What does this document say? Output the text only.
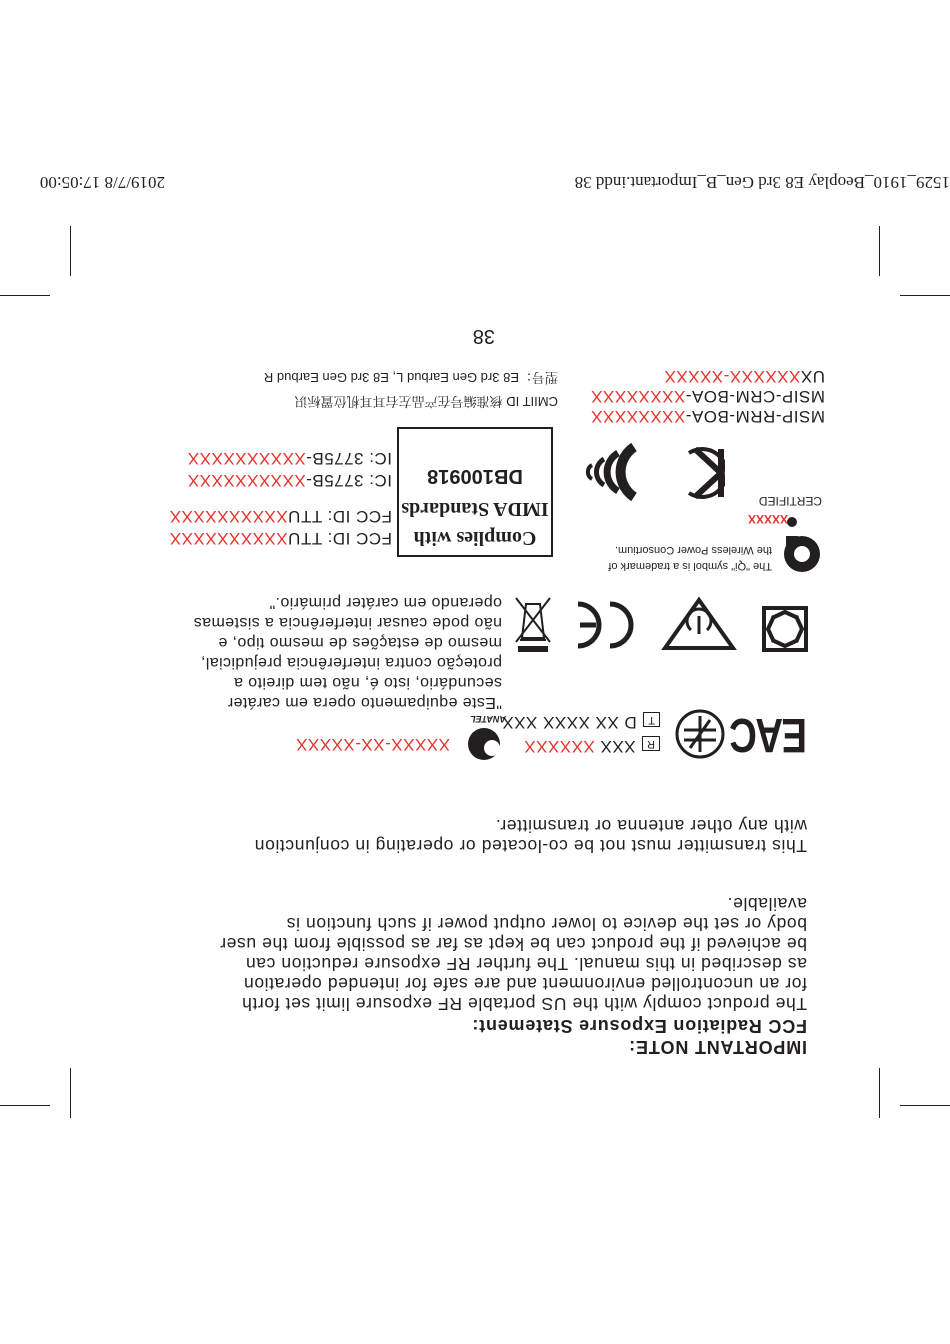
1529_1910_Beoplay E8 3rd Gen_B_Important.indd 38
2019/7/8 17:05:00
38
MSIP-RRM-BOA-XXXXXXXX
MSIP-CRM-BOA-XXXXXXXX
UXXXXXXX-XXXXX
CMIIT ID 核准编号在产品左右耳耳机位置标识
型号：E8 3rd Gen Earbud L, E8 3rd Gen Earbud R
Complies with
IMDA Standards
DB100918
IC: 3775B-XXXXXXXXXX
IC: 3775B-XXXXXXXXXX
FCC ID: TTUXXXXXXXXXX
FCC ID: TTUXXXXXXXXXX
CERTIFIED
XXXXX
The "Qi" symbol is a trademark of
the Wireless Power Consortium.
"Este equipamento opera em caráter
secundário, isto é, não tem direito a
proteção contra interferência prejudicial,
mesmo de estações de mesmo tipo, e
não pode causar interferência a sistemas
operando em caráter primário."
EAC
RXXX XXXXXX
TD XX XXXX XXX
ANATEL
XXXXX-XX-XXXXX
This transmitter must not be co-located or operating in conjunction
with any other antenna or transmitter.
The product comply with the US portable RF exposure limit set forth
for an uncontrolled environment and are safe for intended operation
as described in this manual. The further RF exposure reduction can
be achieved if the product can be kept as far as possible from the user
body or set the device to lower output power if such function is
available.
FCC Radiation Exposure Statement:
IMPORTANT NOTE:
